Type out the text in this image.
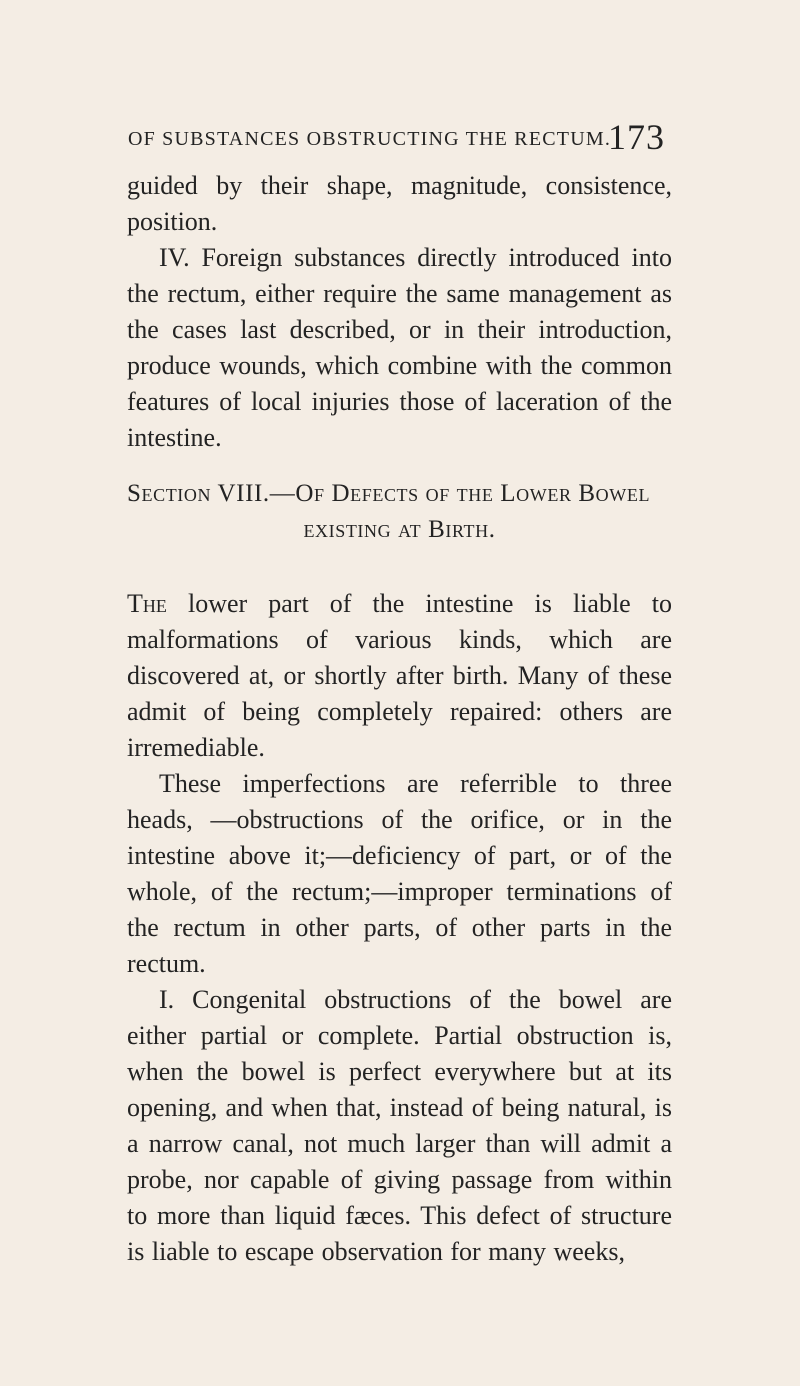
OF SUBSTANCES OBSTRUCTING THE RECTUM.
173

guided by their shape, magnitude, consistence, position.

IV. Foreign substances directly introduced into the rectum, either require the same management as the cases last described, or in their introduction, produce wounds, which combine with the common features of local injuries those of laceration of the intestine.

Section VIII.—Of Defects of the Lower Bowel
existing at Birth.

The lower part of the intestine is liable to malformations of various kinds, which are discovered at, or shortly after birth. Many of these admit of being completely repaired: others are irremediable.

These imperfections are referrible to three heads, —obstructions of the orifice, or in the intestine above it;—deficiency of part, or of the whole, of the rectum;—improper terminations of the rectum in other parts, of other parts in the rectum.

I. Congenital obstructions of the bowel are either partial or complete. Partial obstruction is, when the bowel is perfect everywhere but at its opening, and when that, instead of being natural, is a narrow canal, not much larger than will admit a probe, nor capable of giving passage from within to more than liquid fæces. This defect of structure is liable to escape observation for many weeks,
